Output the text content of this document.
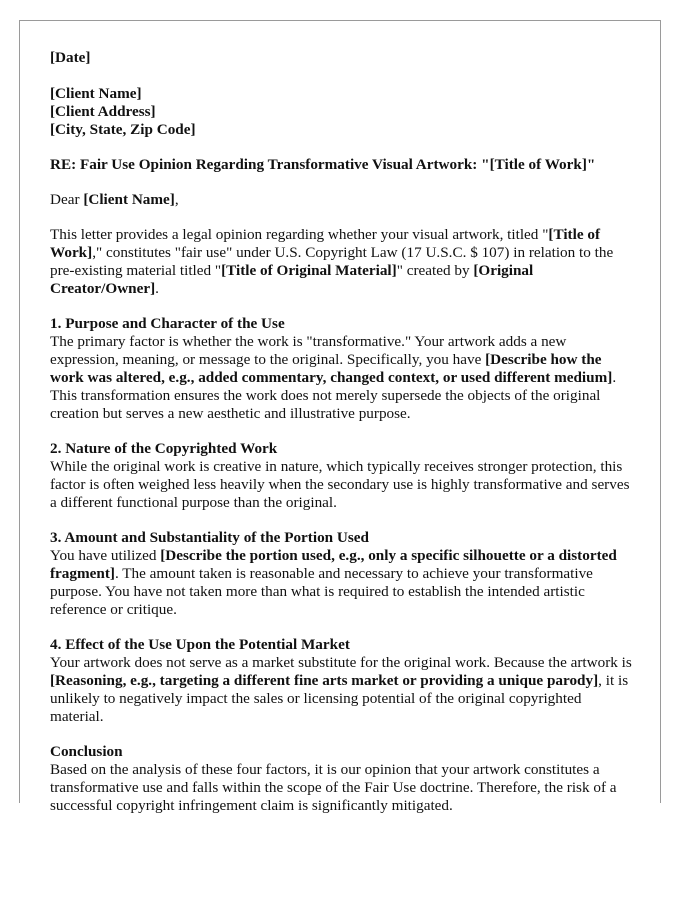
[Date]

[Client Name]

[Client Address]

[City, State, Zip Code]

RE: Fair Use Opinion Regarding Transformative Visual Artwork: "[Title of Work]"

Dear [Client Name],

This letter provides a legal opinion regarding whether your visual artwork, titled "[Title of Work]," constitutes "fair use" under U.S. Copyright Law (17 U.S.C. $ 107) in relation to the pre-existing material titled "[Title of Original Material]" created by [Original Creator/Owner].

1. Purpose and Character of the Use

The primary factor is whether the work is "transformative." Your artwork adds a new expression, meaning, or message to the original. Specifically, you have [Describe how the work was altered, e.g., added commentary, changed context, or used different medium]. This transformation ensures the work does not merely supersede the objects of the original creation but serves a new aesthetic and illustrative purpose.

2. Nature of the Copyrighted Work

While the original work is creative in nature, which typically receives stronger protection, this factor is often weighed less heavily when the secondary use is highly transformative and serves a different functional purpose than the original.

3. Amount and Substantiality of the Portion Used

You have utilized [Describe the portion used, e.g., only a specific silhouette or a distorted fragment]. The amount taken is reasonable and necessary to achieve your transformative purpose. You have not taken more than what is required to establish the intended artistic reference or critique.

4. Effect of the Use Upon the Potential Market

Your artwork does not serve as a market substitute for the original work. Because the artwork is [Reasoning, e.g., targeting a different fine arts market or providing a unique parody], it is unlikely to negatively impact the sales or licensing potential of the original copyrighted material.

Conclusion

Based on the analysis of these four factors, it is our opinion that your artwork constitutes a transformative use and falls within the scope of the Fair Use doctrine. Therefore, the risk of a successful copyright infringement claim is significantly mitigated.
